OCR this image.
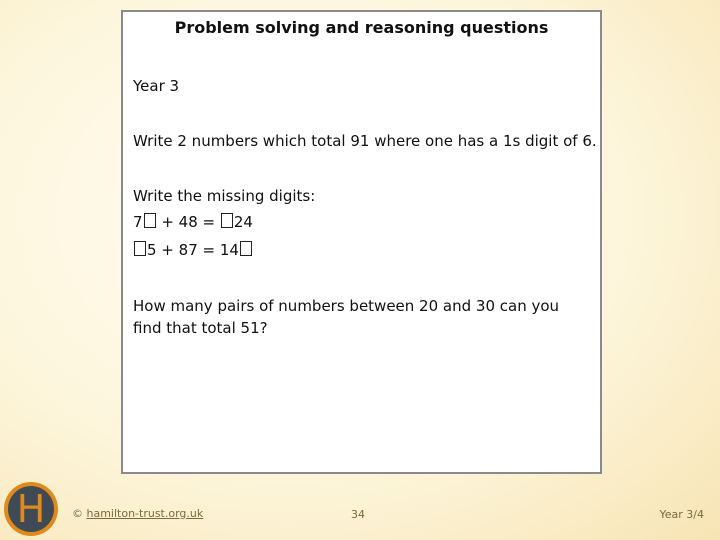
Problem solving and reasoning questions
Year 3
Write 2 numbers which total 91 where one has a 1s digit of 6.
Write the missing digits:
7 + 48 = 24
5 + 87 = 14
How many pairs of numbers between 20 and 30 can you find that total 51?
H © hamilton-trust.org.uk	34	Year 3/4
